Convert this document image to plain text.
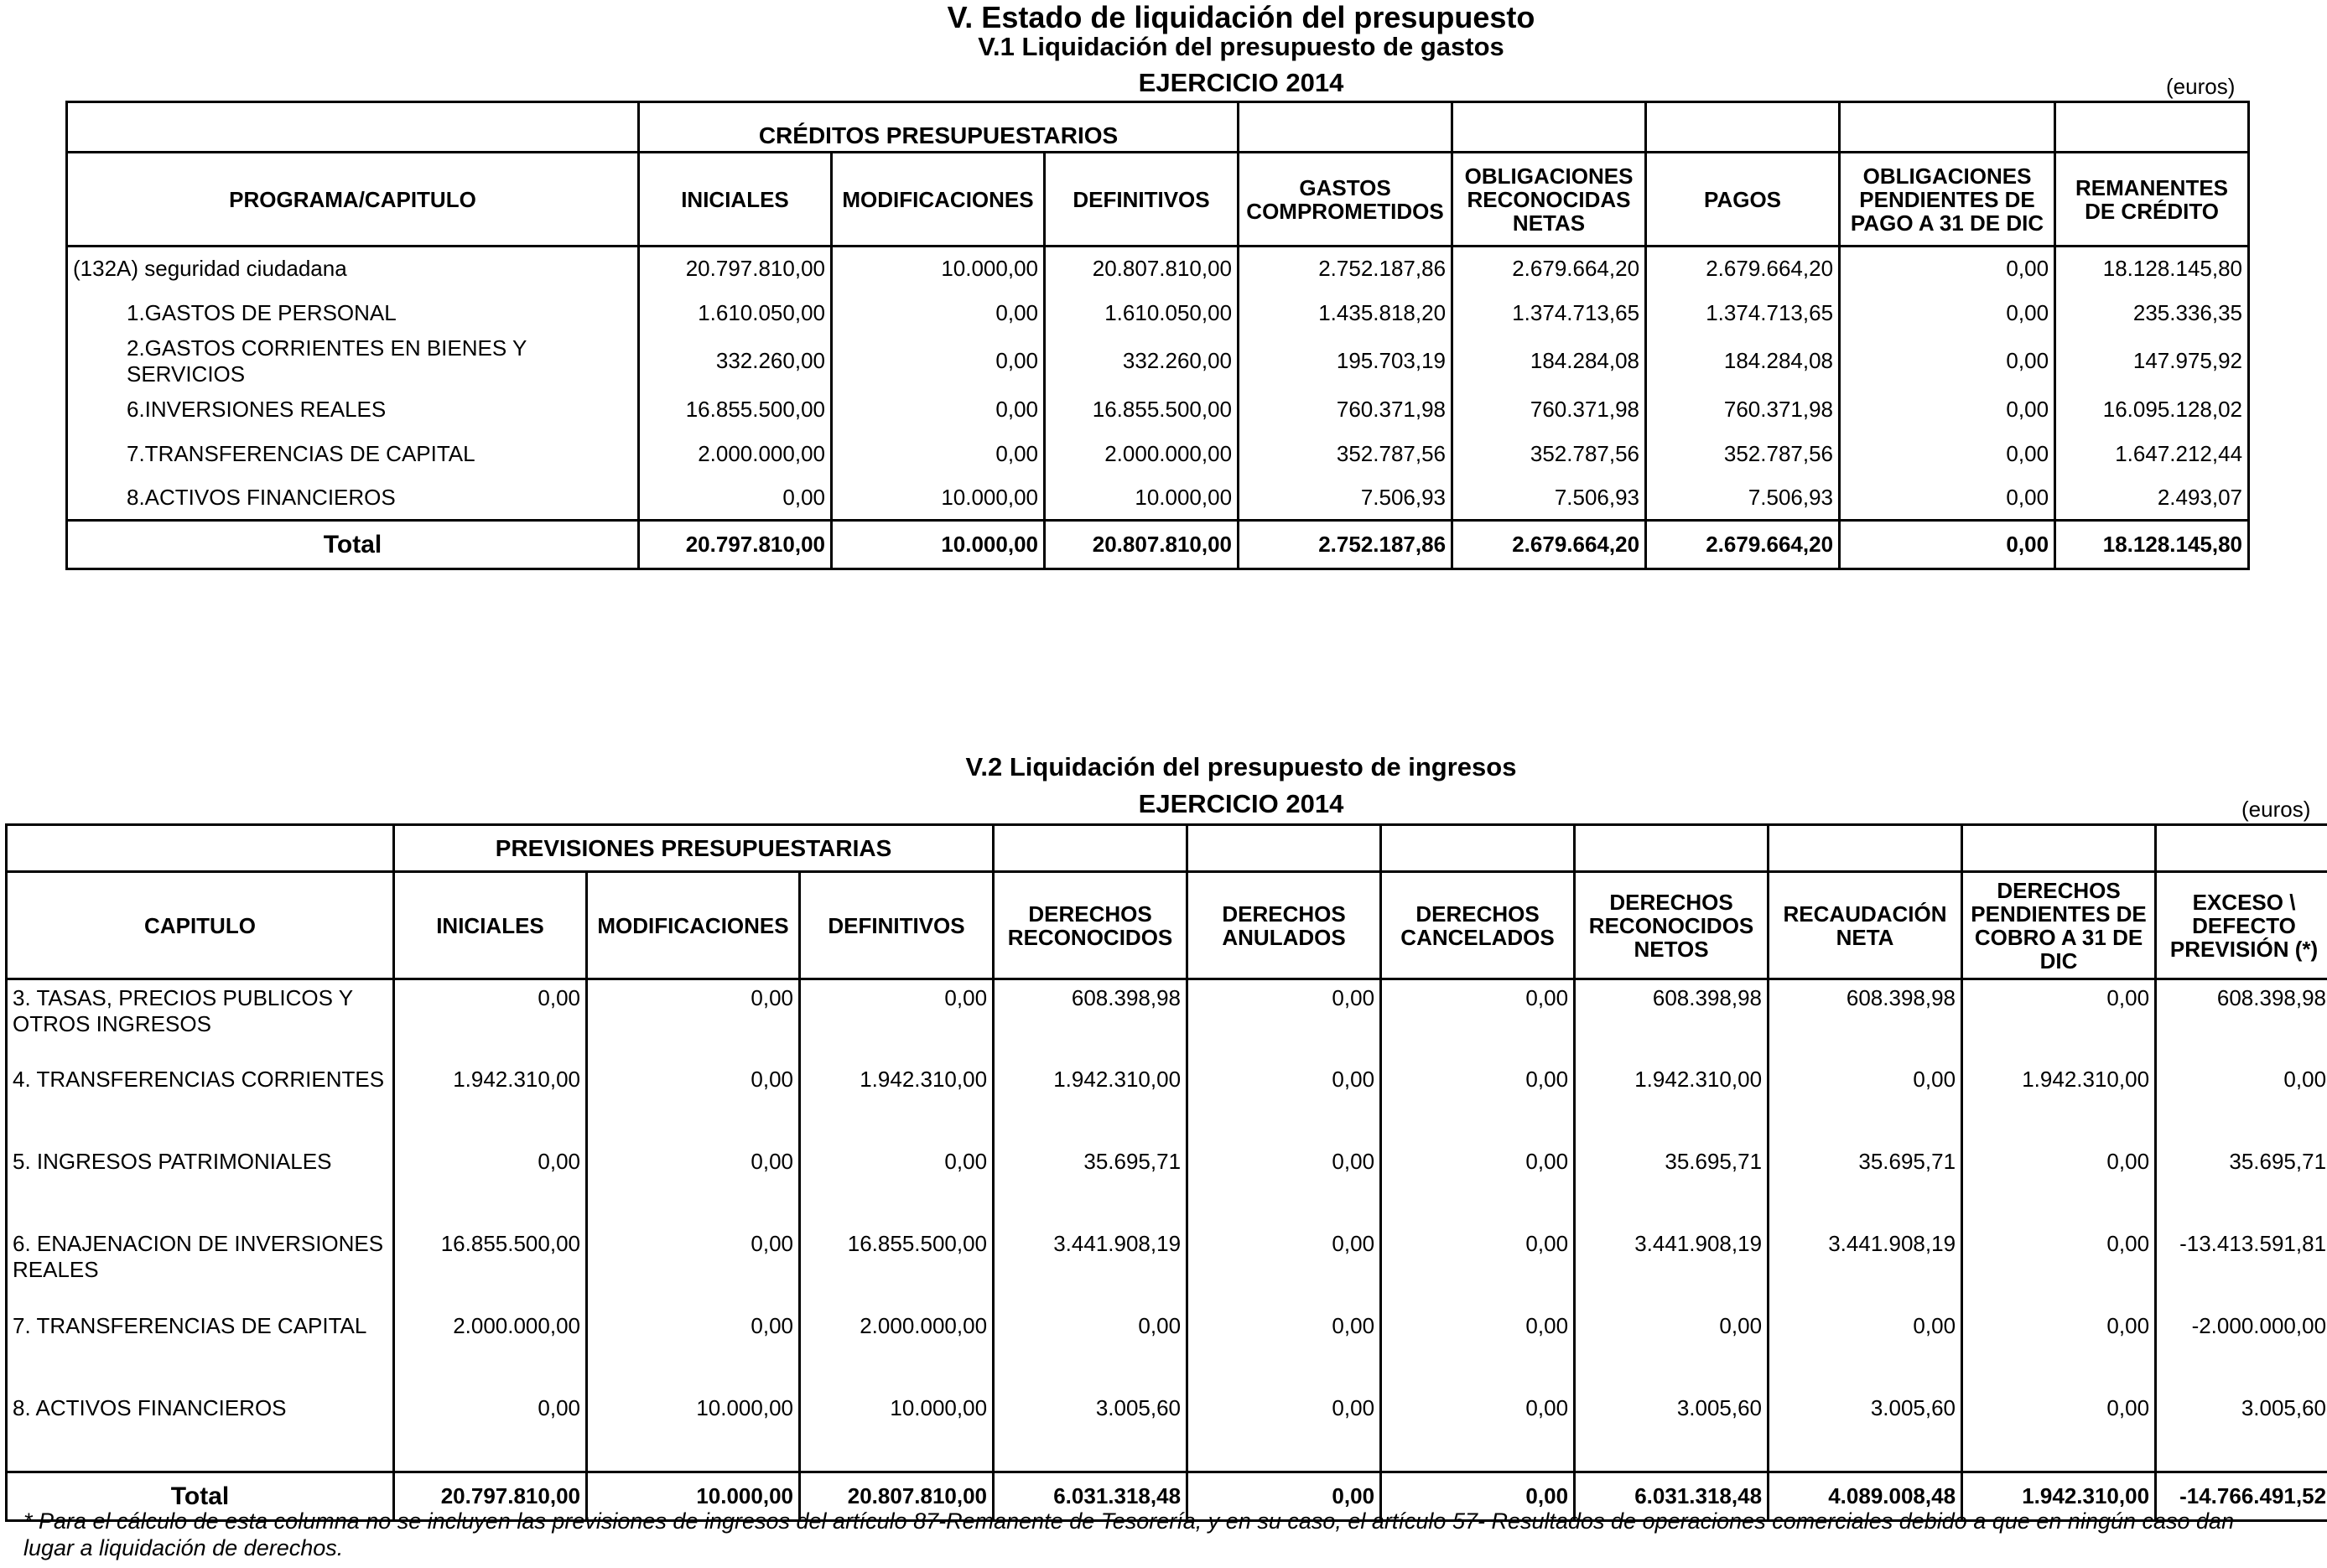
V. Estado de liquidación del presupuesto
V.1 Liquidación del presupuesto de gastos
EJERCICIO 2014	(euros)
	CRÉDITOS PRESUPUESTARIOS							
PROGRAMA/CAPITULO	INICIALES	MODIFICACIONES	DEFINITIVOS	GASTOS COMPROMETIDOS	OBLIGACIONES RECONOCIDAS NETAS	PAGOS	OBLIGACIONES PENDIENTES DE PAGO A 31 DE DIC	REMANENTES DE CRÉDITO
(132A) seguridad ciudadana	20.797.810,00	10.000,00	20.807.810,00	2.752.187,86	2.679.664,20	2.679.664,20	0,00	18.128.145,80
1.GASTOS DE PERSONAL	1.610.050,00	0,00	1.610.050,00	1.435.818,20	1.374.713,65	1.374.713,65	0,00	235.336,35
2.GASTOS CORRIENTES EN BIENES Y SERVICIOS	332.260,00	0,00	332.260,00	195.703,19	184.284,08	184.284,08	0,00	147.975,92
6.INVERSIONES REALES	16.855.500,00	0,00	16.855.500,00	760.371,98	760.371,98	760.371,98	0,00	16.095.128,02
7.TRANSFERENCIAS DE CAPITAL	2.000.000,00	0,00	2.000.000,00	352.787,56	352.787,56	352.787,56	0,00	1.647.212,44
8.ACTIVOS FINANCIEROS	0,00	10.000,00	10.000,00	7.506,93	7.506,93	7.506,93	0,00	2.493,07
Total	20.797.810,00	10.000,00	20.807.810,00	2.752.187,86	2.679.664,20	2.679.664,20	0,00	18.128.145,80
V.2 Liquidación del presupuesto de ingresos
EJERCICIO 2014	(euros)
	PREVISIONES PRESUPUESTARIAS									
CAPITULO	INICIALES	MODIFICACIONES	DEFINITIVOS	DERECHOS RECONOCIDOS	DERECHOS ANULADOS	DERECHOS CANCELADOS	DERECHOS RECONOCIDOS NETOS	RECAUDACIÓN NETA	DERECHOS PENDIENTES DE COBRO A 31 DE DIC	EXCESO \ DEFECTO PREVISIÓN (*)
3. TASAS, PRECIOS PUBLICOS Y OTROS INGRESOS	0,00	0,00	0,00	608.398,98	0,00	0,00	608.398,98	608.398,98	0,00	608.398,98
4. TRANSFERENCIAS CORRIENTES	1.942.310,00	0,00	1.942.310,00	1.942.310,00	0,00	0,00	1.942.310,00	0,00	1.942.310,00	0,00
5. INGRESOS PATRIMONIALES	0,00	0,00	0,00	35.695,71	0,00	0,00	35.695,71	35.695,71	0,00	35.695,71
6. ENAJENACION DE INVERSIONES REALES	16.855.500,00	0,00	16.855.500,00	3.441.908,19	0,00	0,00	3.441.908,19	3.441.908,19	0,00	-13.413.591,81
7. TRANSFERENCIAS DE CAPITAL	2.000.000,00	0,00	2.000.000,00	0,00	0,00	0,00	0,00	0,00	0,00	-2.000.000,00
8. ACTIVOS FINANCIEROS	0,00	10.000,00	10.000,00	3.005,60	0,00	0,00	3.005,60	3.005,60	0,00	3.005,60
Total	20.797.810,00	10.000,00	20.807.810,00	6.031.318,48	0,00	0,00	6.031.318,48	4.089.008,48	1.942.310,00	-14.766.491,52
* Para el cálculo de esta columna no se incluyen las previsiones de ingresos del artículo 87-Remanente de Tesorería, y en su caso, el artículo 57- Resultados de operaciones comerciales debido a que en ningún caso dan lugar a liquidación de derechos.
